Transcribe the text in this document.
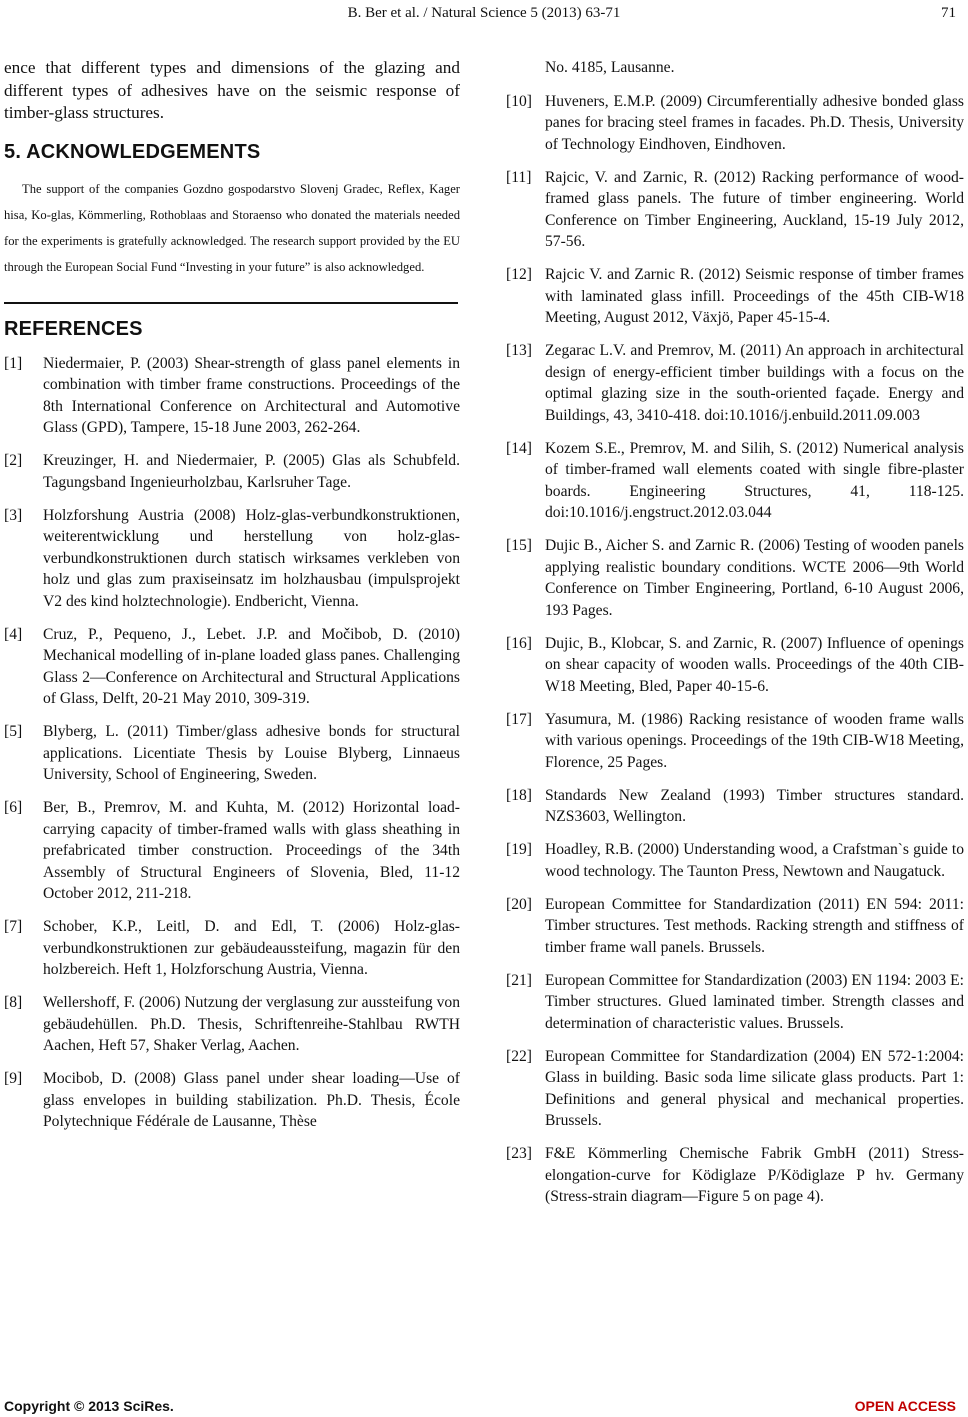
B. Ber et al. / Natural Science 5 (2013) 63-71	71

ence that different types and dimensions of the glazing and different types of adhesives have on the seismic response of timber-glass structures.

5. ACKNOWLEDGEMENTS

The support of the companies Gozdno gospodarstvo Slovenj Gradec, Reflex, Kager hisa, Ko-glas, Kömmerling, Rothoblaas and Storaenso who donated the materials needed for the experiments is gratefully acknowledged. The research support provided by the EU through the European Social Fund “Investing in your future” is also acknowledged.

REFERENCES
[1] Niedermaier, P. (2003) Shear-strength of glass panel elements in combination with timber frame constructions. Proceedings of the 8th International Conference on Architectural and Automotive Glass (GPD), Tampere, 15-18 June 2003, 262-264.
[2] Kreuzinger, H. and Niedermaier, P. (2005) Glas als Schubfeld. Tagungsband Ingenieurholzbau, Karlsruher Tage.
[3] Holzforshung Austria (2008) Holz-glas-verbundkonstruktionen, weiterentwicklung und herstellung von holz-glas-verbundkonstruktionen durch statisch wirksames verkleben von holz und glas zum praxiseinsatz im holzhausbau (impulsprojekt V2 des kind holztechnologie). Endbericht, Vienna.
[4] Cruz, P., Pequeno, J., Lebet. J.P. and Močibob, D. (2010) Mechanical modelling of in-plane loaded glass panes. Challenging Glass 2—Conference on Architectural and Structural Applications of Glass, Delft, 20-21 May 2010, 309-319.
[5] Blyberg, L. (2011) Timber/glass adhesive bonds for structural applications. Licentiate Thesis by Louise Blyberg, Linnaeus University, School of Engineering, Sweden.
[6] Ber, B., Premrov, M. and Kuhta, M. (2012) Horizontal load-carrying capacity of timber-framed walls with glass sheathing in prefabricated timber construction. Proceedings of the 34th Assembly of Structural Engineers of Slovenia, Bled, 11-12 October 2012, 211-218.
[7] Schober, K.P., Leitl, D. and Edl, T. (2006) Holz-glas-verbundkonstruktionen zur gebäudeaussteifung, magazin für den holzbereich. Heft 1, Holzforschung Austria, Vienna.
[8] Wellershoff, F. (2006) Nutzung der verglasung zur aussteifung von gebäudehüllen. Ph.D. Thesis, Schriftenreihe-Stahlbau RWTH Aachen, Heft 57, Shaker Verlag, Aachen.
[9] Mocibob, D. (2008) Glass panel under shear loading—Use of glass envelopes in building stabilization. Ph.D. Thesis, École Polytechnique Fédérale de Lausanne, Thèse
No. 4185, Lausanne.
[10] Huveners, E.M.P. (2009) Circumferentially adhesive bonded glass panes for bracing steel frames in facades. Ph.D. Thesis, University of Technology Eindhoven, Eindhoven.
[11] Rajcic, V. and Zarnic, R. (2012) Racking performance of wood-framed glass panels. The future of timber engineering. World Conference on Timber Engineering, Auckland, 15-19 July 2012, 57-56.
[12] Rajcic V. and Zarnic R. (2012) Seismic response of timber frames with laminated glass infill. Proceedings of the 45th CIB-W18 Meeting, August 2012, Växjö, Paper 45-15-4.
[13] Zegarac L.V. and Premrov, M. (2011) An approach in architectural design of energy-efficient timber buildings with a focus on the optimal glazing size in the south-oriented façade. Energy and Buildings, 43, 3410-418. doi:10.1016/j.enbuild.2011.09.003
[14] Kozem S.E., Premrov, M. and Silih, S. (2012) Numerical analysis of timber-framed wall elements coated with single fibre-plaster boards. Engineering Structures, 41, 118-125. doi:10.1016/j.engstruct.2012.03.044
[15] Dujic B., Aicher S. and Zarnic R. (2006) Testing of wooden panels applying realistic boundary conditions. WCTE 2006—9th World Conference on Timber Engineering, Portland, 6-10 August 2006, 193 Pages.
[16] Dujic, B., Klobcar, S. and Zarnic, R. (2007) Influence of openings on shear capacity of wooden walls. Proceedings of the 40th CIB-W18 Meeting, Bled, Paper 40-15-6.
[17] Yasumura, M. (1986) Racking resistance of wooden frame walls with various openings. Proceedings of the 19th CIB-W18 Meeting, Florence, 25 Pages.
[18] Standards New Zealand (1993) Timber structures standard. NZS3603, Wellington.
[19] Hoadley, R.B. (2000) Understanding wood, a Crafstman`s guide to wood technology. The Taunton Press, Newtown and Naugatuck.
[20] European Committee for Standardization (2011) EN 594: 2011: Timber structures. Test methods. Racking strength and stiffness of timber frame wall panels. Brussels.
[21] European Committee for Standardization (2003) EN 1194: 2003 E: Timber structures. Glued laminated timber. Strength classes and determination of characteristic values. Brussels.
[22] European Committee for Standardization (2004) EN 572-1:2004: Glass in building. Basic soda lime silicate glass products. Part 1: Definitions and general physical and mechanical properties. Brussels.
[23] F&E Kömmerling Chemische Fabrik GmbH (2011) Stress-elongation-curve for Ködiglaze P/Ködiglaze P hv. Germany (Stress-strain diagram—Figure 5 on page 4).
Copyright © 2013 SciRes.	OPEN ACCESS
